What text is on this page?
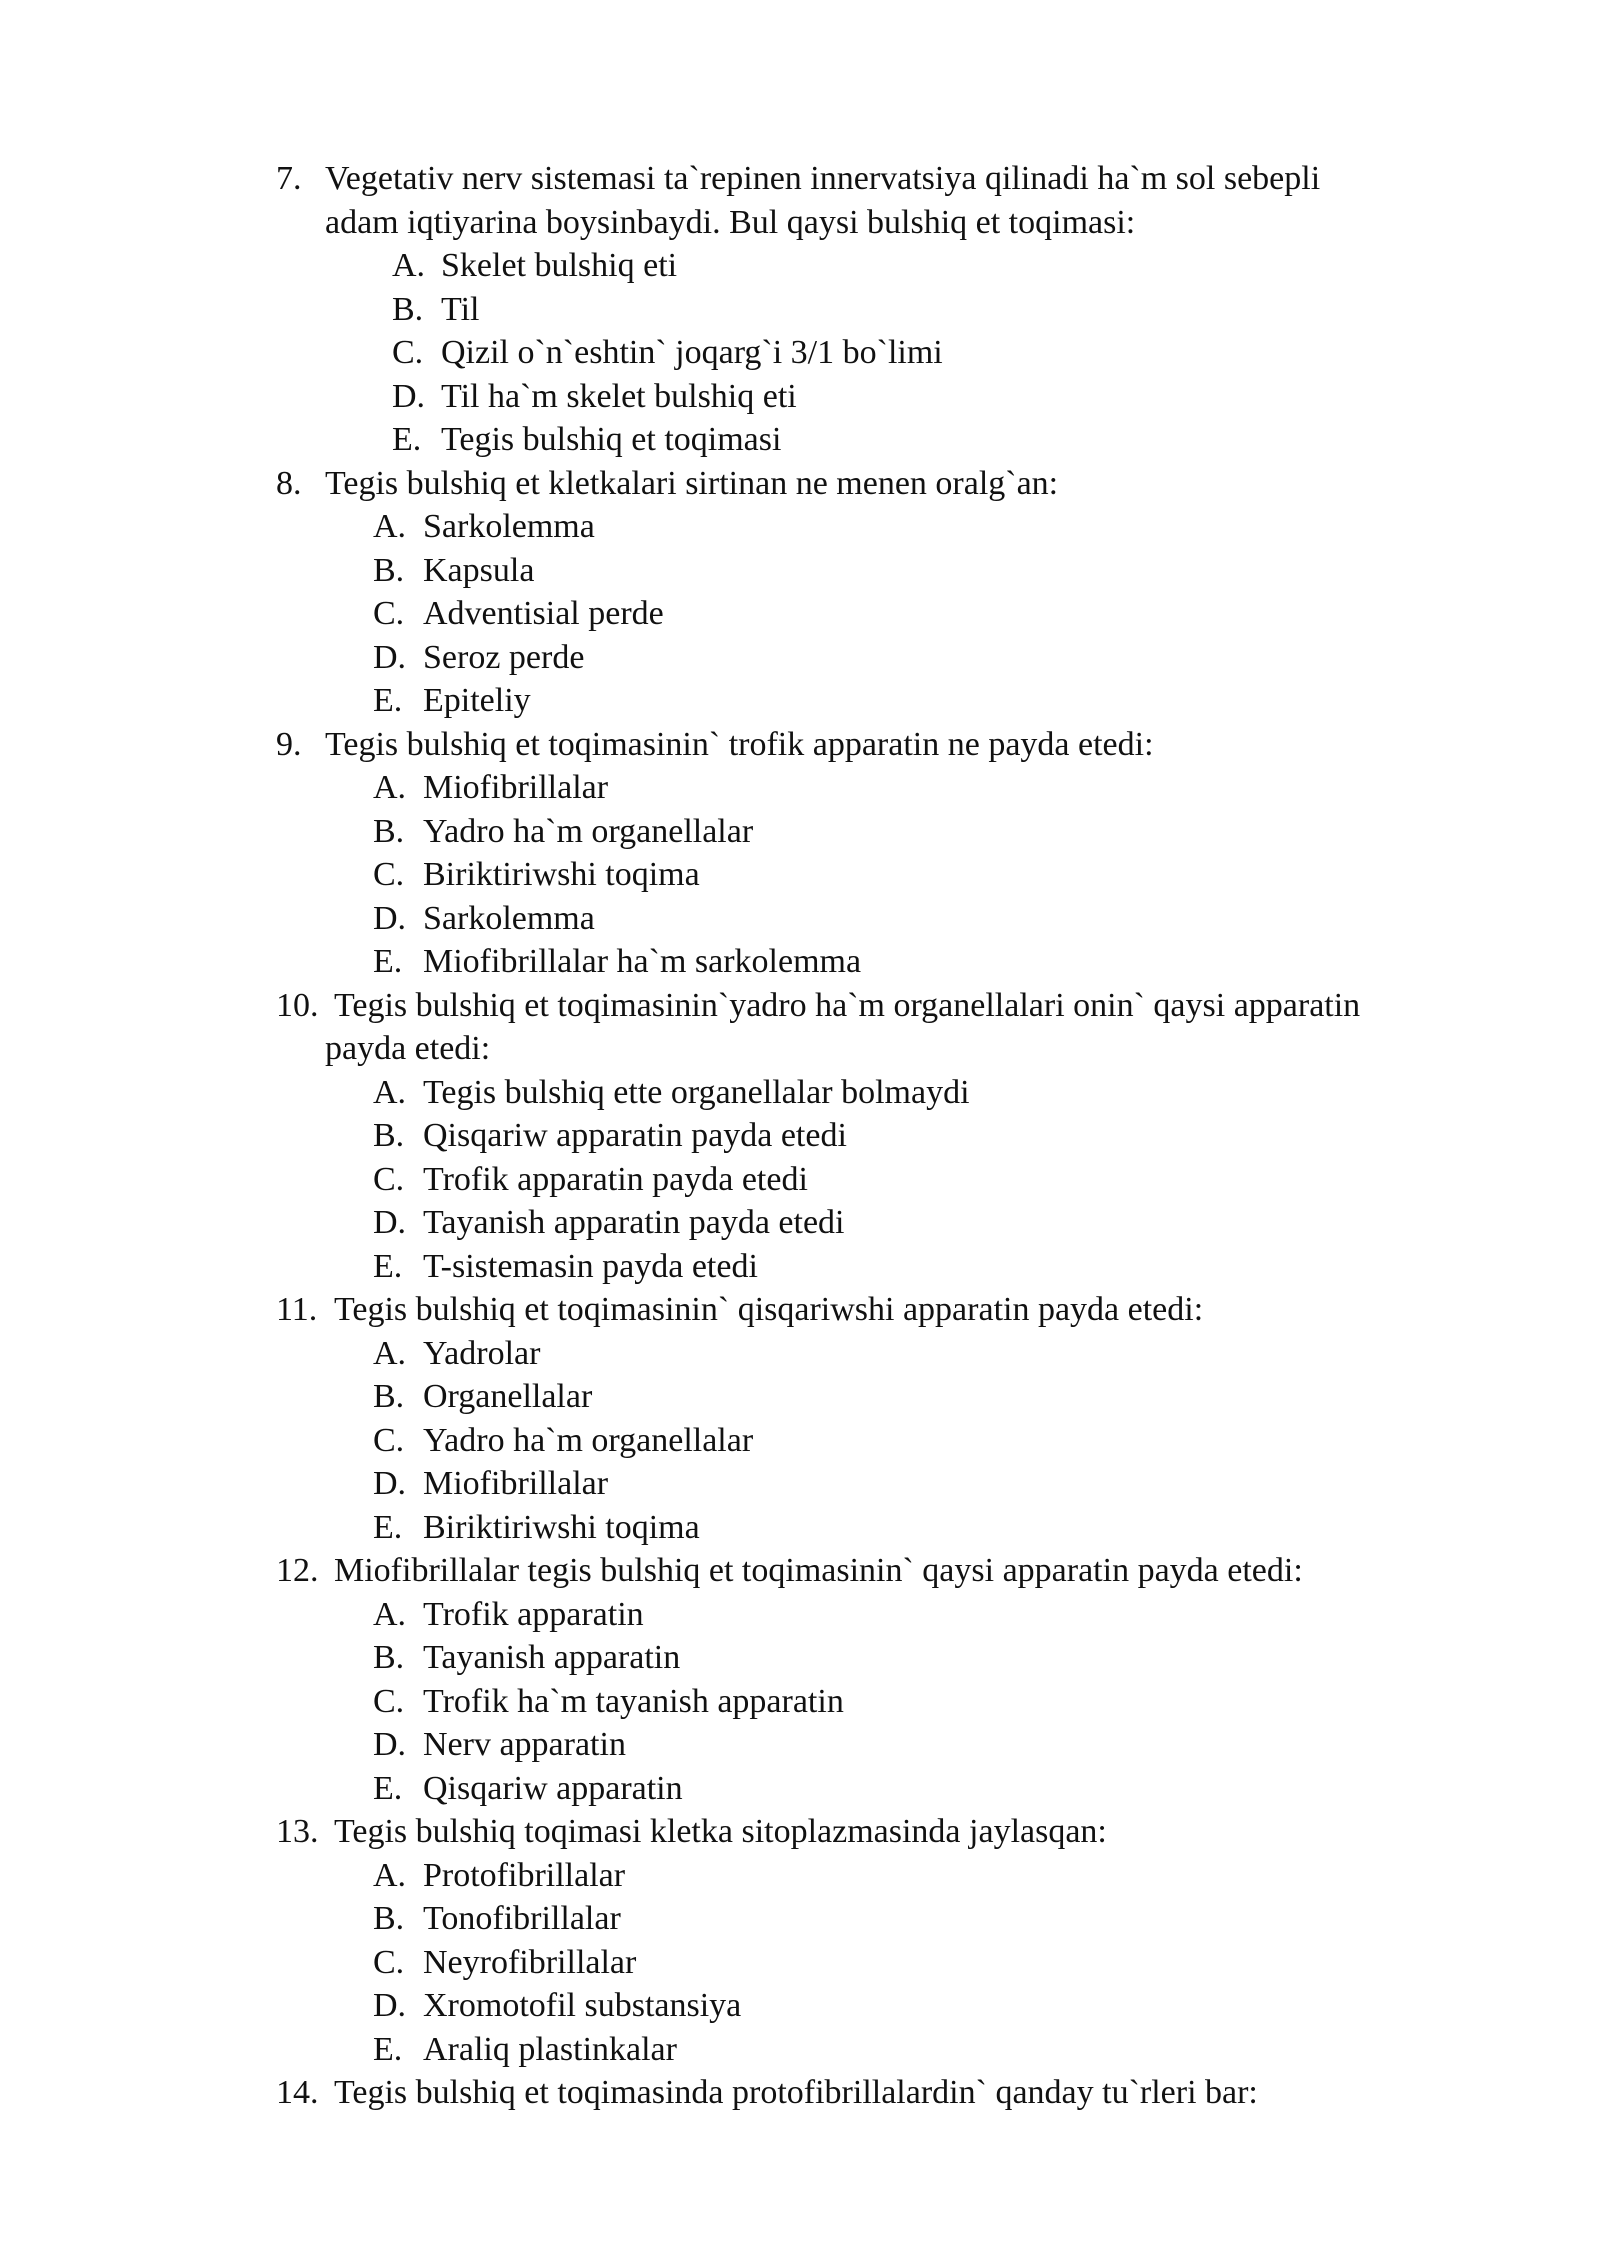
7. Vegetativ nerv sistemasi ta`repinen innervatsiya qilinadi ha`m sol sebepli
adam iqtiyarina boysinbaydi. Bul qaysi bulshiq et toqimasi:
A. Skelet bulshiq eti
B. Til
C. Qizil o`n`eshtin` joqarg`i 3/1 bo`limi
D. Til ha`m skelet bulshiq eti
E. Tegis bulshiq et toqimasi
8. Tegis bulshiq et kletkalari sirtinan ne menen oralg`an:
A. Sarkolemma
B. Kapsula
C. Adventisial perde
D. Seroz perde
E. Epiteliy
9. Tegis bulshiq et toqimasinin` trofik apparatin ne payda etedi:
A. Miofibrillalar
B. Yadro ha`m organellalar
C. Biriktiriwshi toqima
D. Sarkolemma
E. Miofibrillalar ha`m sarkolemma
10. Tegis bulshiq et toqimasinin`yadro ha`m organellalari onin` qaysi apparatin
payda etedi:
A. Tegis bulshiq ette organellalar bolmaydi
B. Qisqariw apparatin payda etedi
C. Trofik apparatin payda etedi
D. Tayanish apparatin payda etedi
E. T-sistemasin payda etedi
11. Tegis bulshiq et toqimasinin` qisqariwshi apparatin payda etedi:
A. Yadrolar
B. Organellalar
C. Yadro ha`m organellalar
D. Miofibrillalar
E. Biriktiriwshi toqima
12. Miofibrillalar tegis bulshiq et toqimasinin` qaysi apparatin payda etedi:
A. Trofik apparatin
B. Tayanish apparatin
C. Trofik ha`m tayanish apparatin
D. Nerv apparatin
E. Qisqariw apparatin
13. Tegis bulshiq toqimasi kletka sitoplazmasinda jaylasqan:
A. Protofibrillalar
B. Tonofibrillalar
C. Neyrofibrillalar
D. Xromotofil substansiya
E. Araliq plastinkalar
14. Tegis bulshiq et toqimasinda protofibrillalardin` qanday tu`rleri bar:
